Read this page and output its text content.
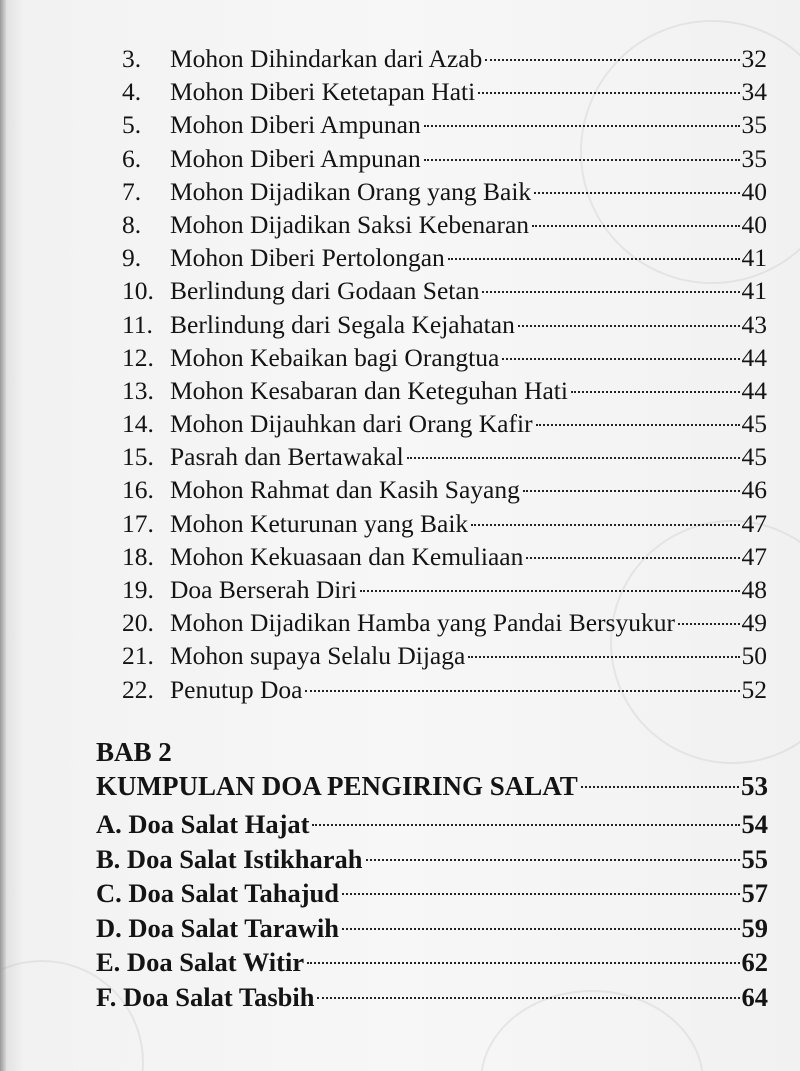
3.	Mohon Dihindarkan dari Azab	32
4.	Mohon Diberi Ketetapan Hati	34
5.	Mohon Diberi Ampunan	35
6.	Mohon Diberi Ampunan	35
7.	Mohon Dijadikan Orang yang Baik	40
8.	Mohon Dijadikan Saksi Kebenaran	40
9.	Mohon Diberi Pertolongan	41
10. Berlindung dari Godaan Setan	41
11. Berlindung dari Segala Kejahatan	43
12. Mohon Kebaikan bagi Orangtua	44
13. Mohon Kesabaran dan Keteguhan Hati	44
14. Mohon Dijauhkan dari Orang Kafir	45
15. Pasrah dan Bertawakal	45
16. Mohon Rahmat dan Kasih Sayang	46
17. Mohon Keturunan yang Baik	47
18. Mohon Kekuasaan dan Kemuliaan	47
19. Doa Berserah Diri	48
20. Mohon Dijadikan Hamba yang Pandai Bersyukur	49
21. Mohon supaya Selalu Dijaga	50
22. Penutup Doa	52
BAB 2
KUMPULAN DOA PENGIRING SALAT	53
A. Doa Salat Hajat	54
B. Doa Salat Istikharah	55
C. Doa Salat Tahajud	57
D. Doa Salat Tarawih	59
E. Doa Salat Witir	62
F. Doa Salat Tasbih	64
